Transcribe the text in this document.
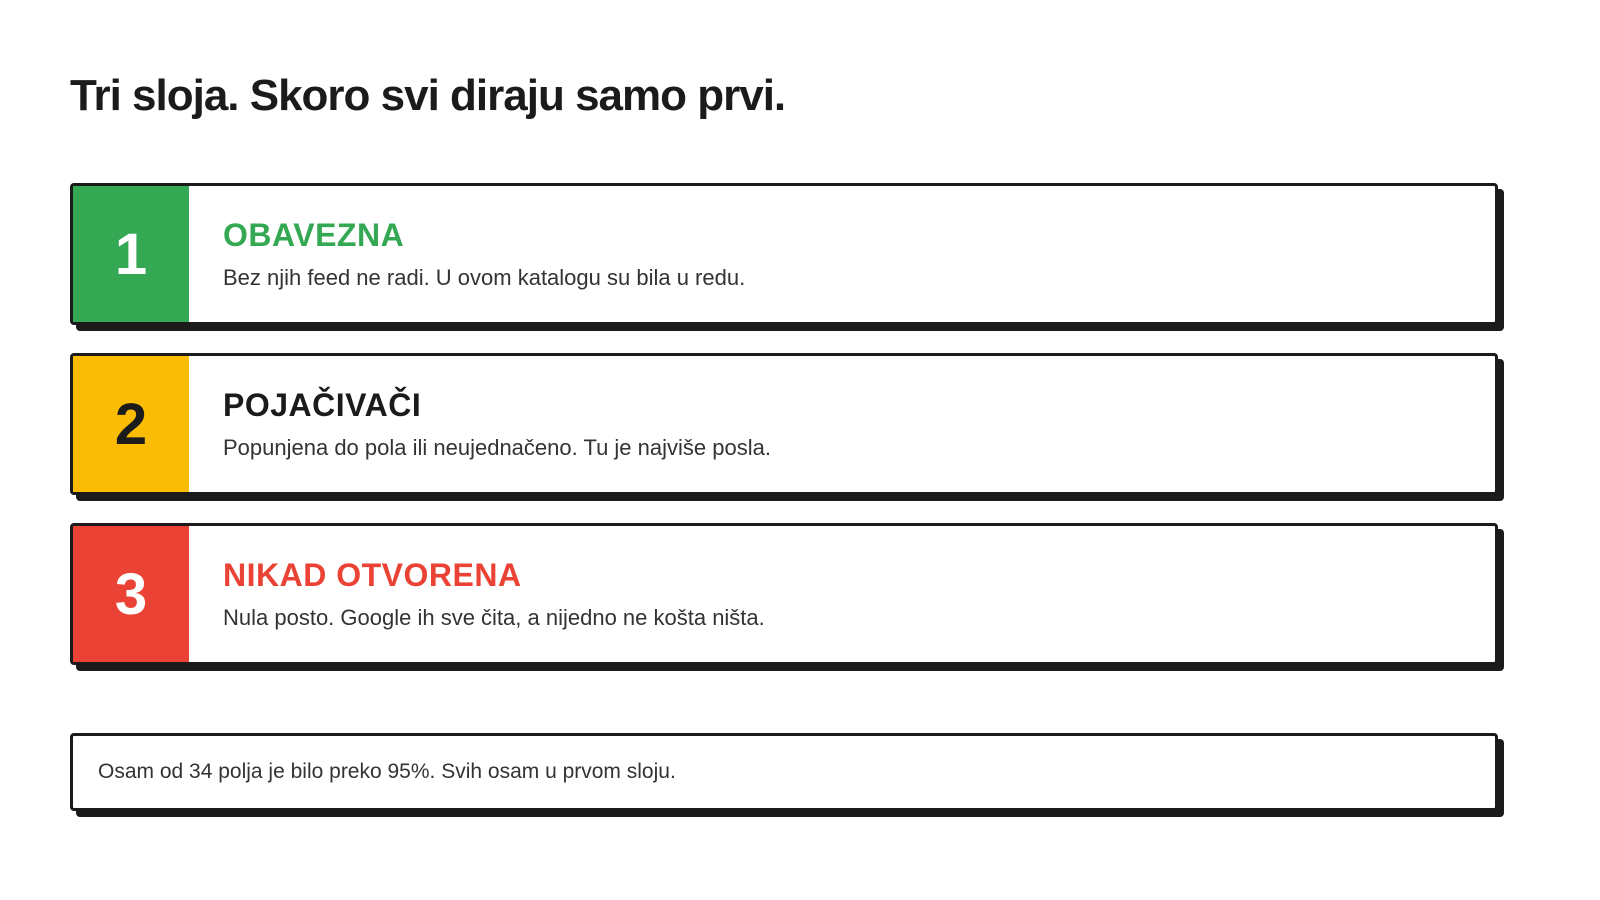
Tri sloja. Skoro svi diraju samo prvi.
1	OBAVEZNA
Bez njih feed ne radi. U ovom katalogu su bila u redu.
2	POJAČIVAČI
Popunjena do pola ili neujednačeno. Tu je najviše posla.
3	NIKAD OTVORENA
Nula posto. Google ih sve čita, a nijedno ne košta ništa.
Osam od 34 polja je bilo preko 95%. Svih osam u prvom sloju.
